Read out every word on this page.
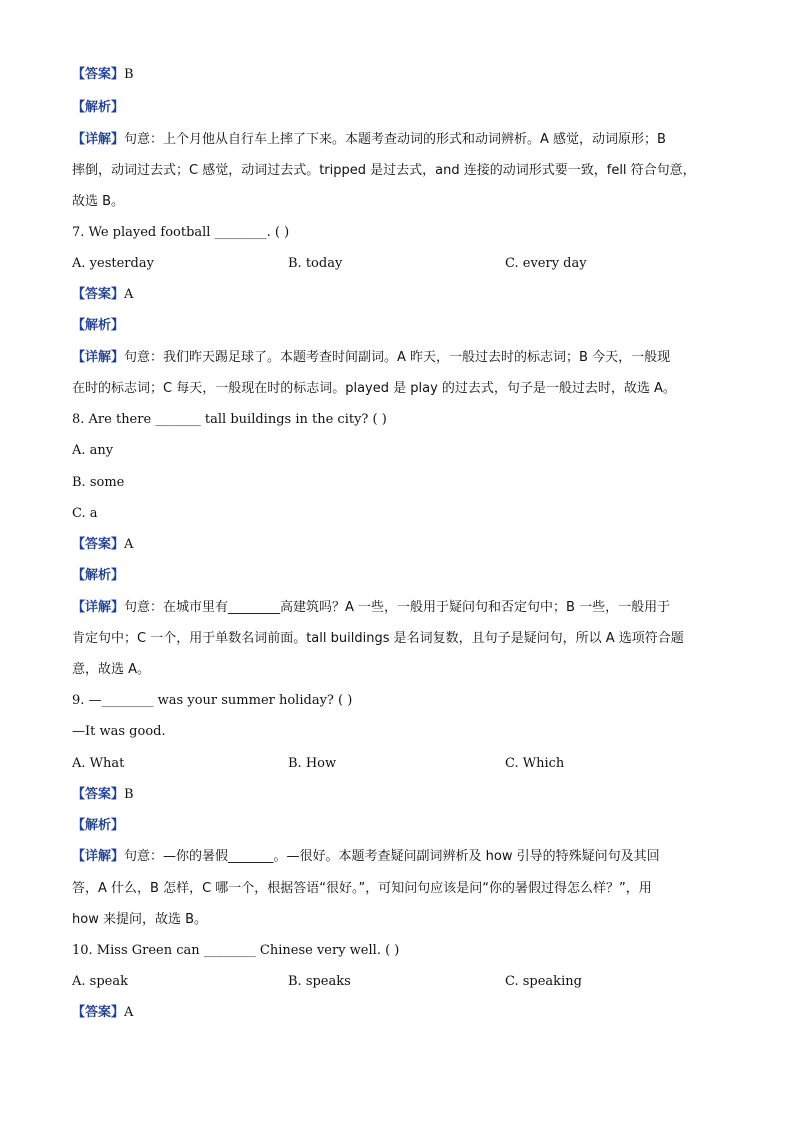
【答案】B
【解析】
【详解】句意：上个月他从自行车上摔了下来。本题考查动词的形式和动词辨析。A 感觉，动词原形；B
摔倒，动词过去式；C 感觉，动词过去式。tripped 是过去式，and 连接的动词形式要一致，fell 符合句意，
故选 B。
7. We played football ________. ( )
A. yesterday	B. today	C. every day
【答案】A
【解析】
【详解】句意：我们昨天踢足球了。本题考查时间副词。A 昨天，一般过去时的标志词；B 今天，一般现
在时的标志词；C 每天，一般现在时的标志词。played 是 play 的过去式，句子是一般过去时，故选 A。
8. Are there _______ tall buildings in the city? ( )
A. any
B. some
C. a
【答案】A
【解析】
【详解】句意：在城市里有________高建筑吗？A 一些，一般用于疑问句和否定句中；B 一些，一般用于
肯定句中；C 一个，用于单数名词前面。tall buildings 是名词复数，且句子是疑问句，所以 A 选项符合题
意，故选 A。
9. —________ was your summer holiday? ( )
—It was good.
A. What	B. How	C. Which
【答案】B
【解析】
【详解】句意：—你的暑假_______。—很好。本题考查疑问副词辨析及 how 引导的特殊疑问句及其回
答，A 什么，B 怎样，C 哪一个，根据答语“很好。”，可知问句应该是问“你的暑假过得怎么样？”，用
how 来提问，故选 B。
10. Miss Green can ________ Chinese very well. ( )
A. speak	B. speaks	C. speaking
【答案】A
